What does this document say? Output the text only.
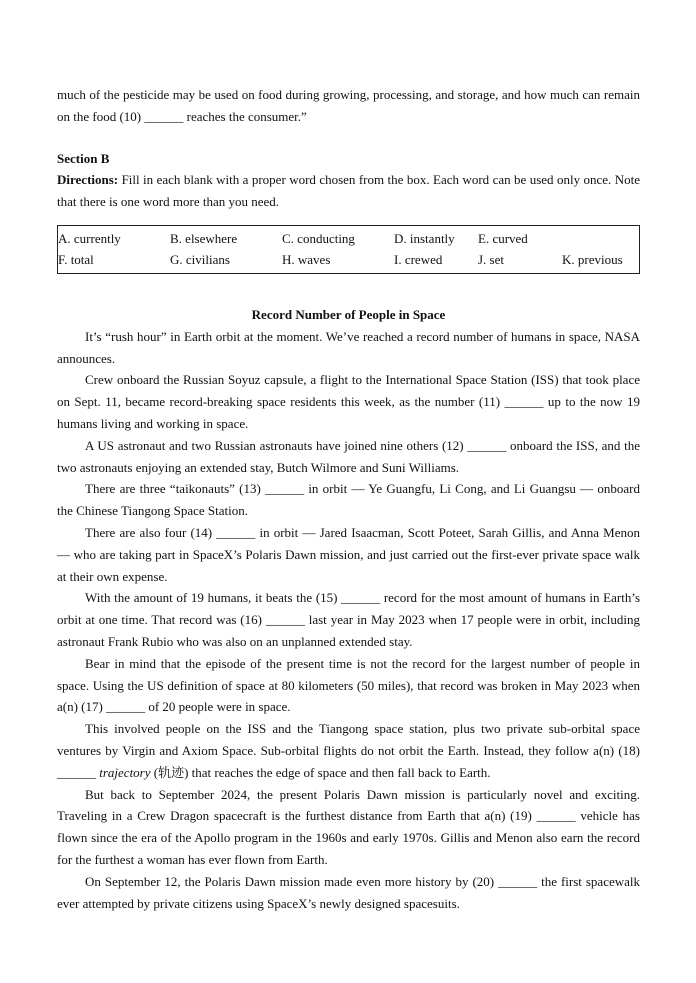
much of the pesticide may be used on food during growing, processing, and storage, and how much can remain on the food (10) ______ reaches the consumer.”

Section B

Directions: Fill in each blank with a proper word chosen from the box. Each word can be used only once. Note that there is one word more than you need.

A. currently	B. elsewhere	C. conducting	D. instantly	E. curved
F. total	G. civilians	H. waves	I. crewed	J. set	K. previous

Record Number of People in Space

It’s “rush hour” in Earth orbit at the moment. We’ve reached a record number of humans in space, NASA announces.

Crew onboard the Russian Soyuz capsule, a flight to the International Space Station (ISS) that took place on Sept. 11, became record-breaking space residents this week, as the number (11) ______ up to the now 19 humans living and working in space.

A US astronaut and two Russian astronauts have joined nine others (12) ______ onboard the ISS, and the two astronauts enjoying an extended stay, Butch Wilmore and Suni Williams.

There are three “taikonauts” (13) ______ in orbit — Ye Guangfu, Li Cong, and Li Guangsu — onboard the Chinese Tiangong Space Station.

There are also four (14) ______ in orbit — Jared Isaacman, Scott Poteet, Sarah Gillis, and Anna Menon — who are taking part in SpaceX’s Polaris Dawn mission, and just carried out the first-ever private space walk at their own expense.

With the amount of 19 humans, it beats the (15) ______ record for the most amount of humans in Earth’s orbit at one time. That record was (16) ______ last year in May 2023 when 17 people were in orbit, including astronaut Frank Rubio who was also on an unplanned extended stay.

Bear in mind that the episode of the present time is not the record for the largest number of people in space. Using the US definition of space at 80 kilometers (50 miles), that record was broken in May 2023 when a(n) (17) ______ of 20 people were in space.

This involved people on the ISS and the Tiangong space station, plus two private sub-orbital space ventures by Virgin and Axiom Space. Sub-orbital flights do not orbit the Earth. Instead, they follow a(n) (18) ______ trajectory (轨迹) that reaches the edge of space and then fall back to Earth.

But back to September 2024, the present Polaris Dawn mission is particularly novel and exciting. Traveling in a Crew Dragon spacecraft is the furthest distance from Earth that a(n) (19) ______ vehicle has flown since the era of the Apollo program in the 1960s and early 1970s. Gillis and Menon also earn the record for the furthest a woman has ever flown from Earth.

On September 12, the Polaris Dawn mission made even more history by (20) ______ the first spacewalk ever attempted by private citizens using SpaceX’s newly designed spacesuits.
